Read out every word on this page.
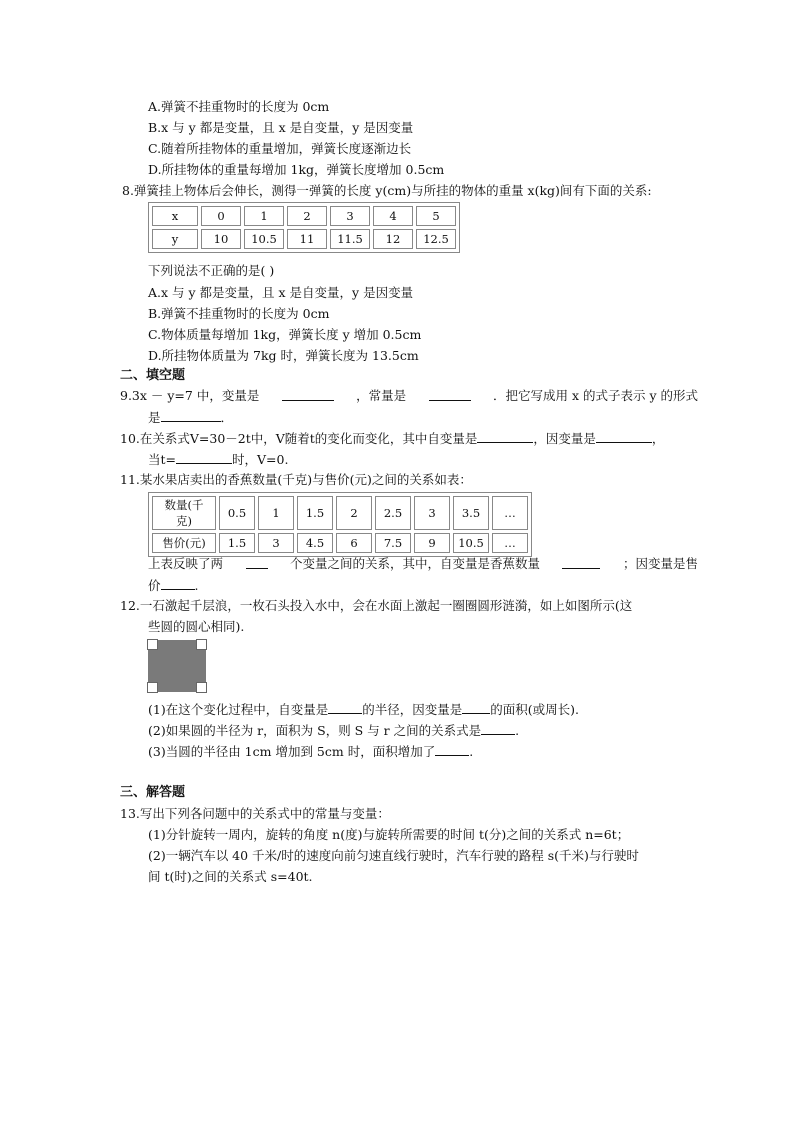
A.弹簧不挂重物时的长度为 0cm
B.x 与 y 都是变量，且 x 是自变量，y 是因变量
C.随着所挂物体的重量增加，弹簧长度逐渐边长
D.所挂物体的重量每增加 1kg，弹簧长度增加 0.5cm
8.弹簧挂上物体后会伸长，测得一弹簧的长度 y(cm)与所挂的物体的重量 x(kg)间有下面的关系:
x	0	1	2	3	4	5
y	10	10.5	11	11.5	12	12.5
下列说法不正确的是( )
A.x 与 y 都是变量，且 x 是自变量，y 是因变量
B.弹簧不挂重物时的长度为 0cm
C.物体质量每增加 1kg，弹簧长度 y 增加 0.5cm
D.所挂物体质量为 7kg 时，弹簧长度为 13.5cm
二、填空题
9.3x － y=7 中，变量是	，常量是	．把它写成用 x 的式子表示 y 的形式
是	．
10.在关系式V=30－2t中，V随着t的变化而变化，其中自变量是	，因变量是	，
当t=	时，V=0.
11.某水果店卖出的香蕉数量(千克)与售价(元)之间的关系如表：
数量(千克)	0.5	1	1.5	2	2.5	3	3.5	…
售价(元)	1.5	3	4.5	6	7.5	9	10.5	…
上表反映了两	个变量之间的关系，其中，自变量是香蕉数量	；因变量是售
价	.
12.一石激起千层浪，一枚石头投入水中，会在水面上激起一圈圈圆形涟漪，如上如图所示(这
些圆的圆心相同).
(1)在这个变化过程中，自变量是	的半径，因变量是 的面积(或周长).
(2)如果圆的半径为 r，面积为 S，则 S 与 r 之间的关系式是	.
(3)当圆的半径由 1cm 增加到 5cm 时，面积增加了	.
三、解答题
13.写出下列各问题中的关系式中的常量与变量：
(1)分针旋转一周内，旋转的角度 n(度)与旋转所需要的时间 t(分)之间的关系式 n=6t；
(2)一辆汽车以 40 千米/时的速度向前匀速直线行驶时，汽车行驶的路程 s(千米)与行驶时
间 t(时)之间的关系式 s=40t.
